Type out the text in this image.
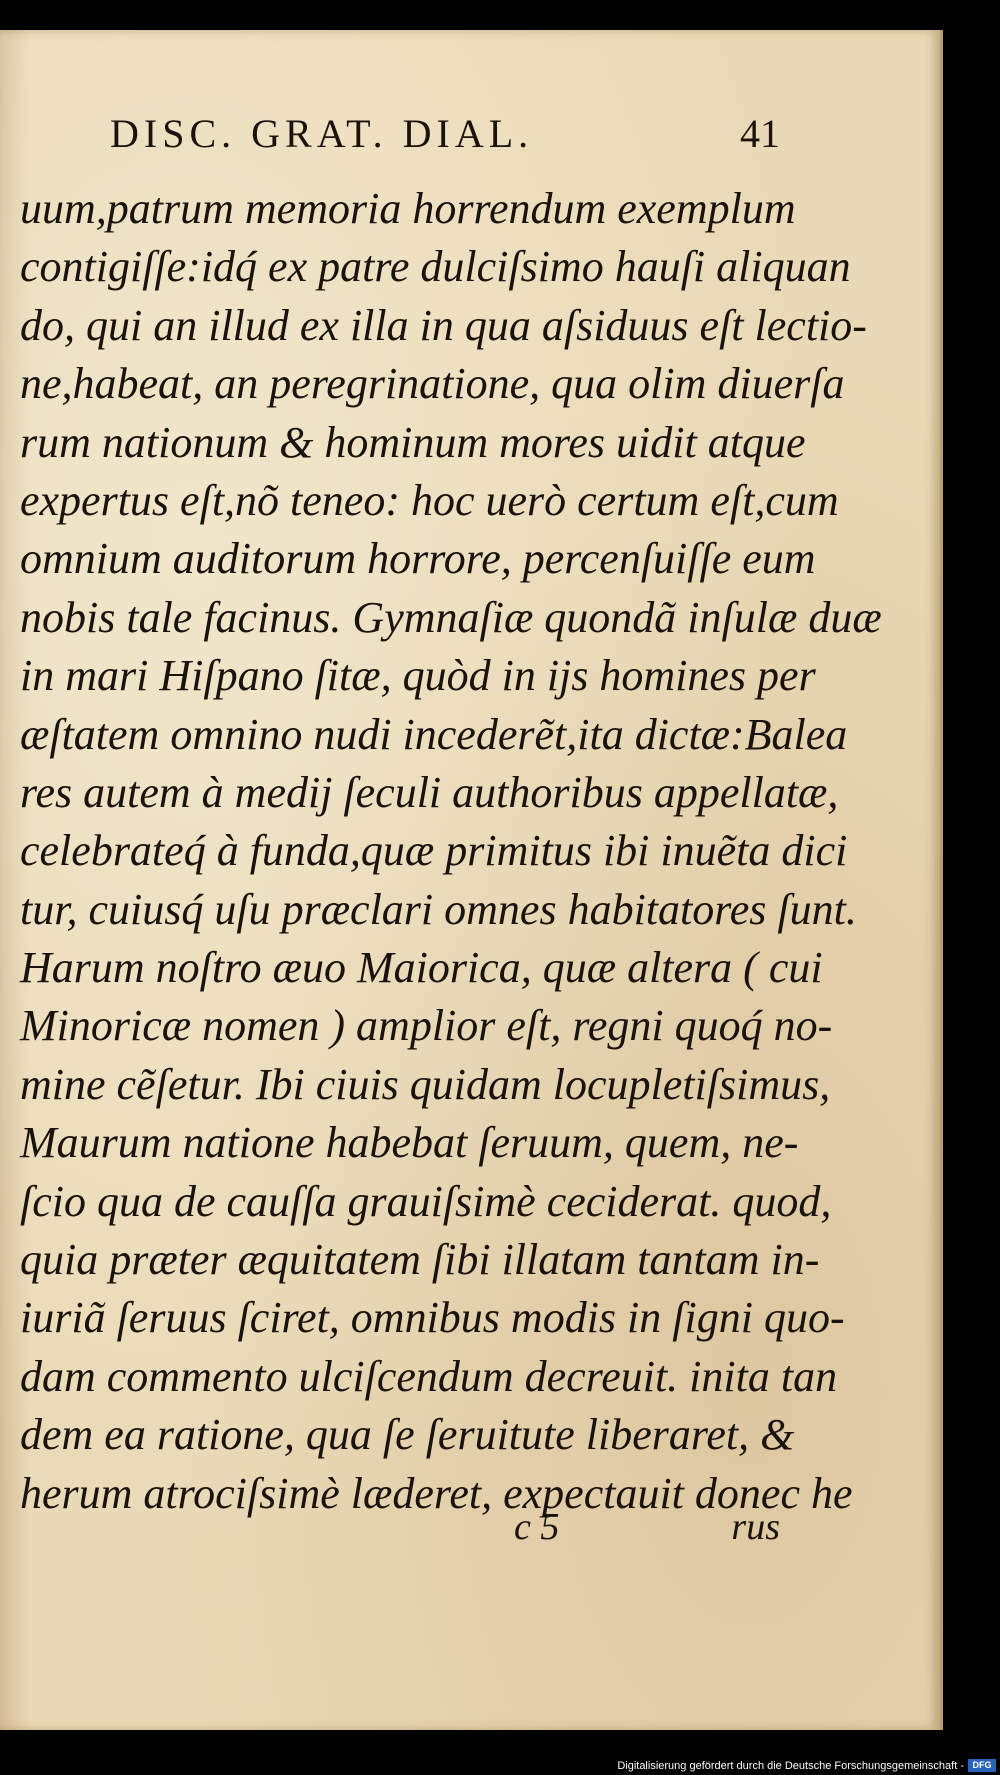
DISC. GRAT. DIAL.	41
uum,patrum memoria horrendum exemplum
contigiſſe:idq́ ex patre dulciſsimo hauſi aliquan
do, qui an illud ex illa in qua aſsiduus eſt lectio-
ne,habeat, an peregrinatione, qua olim diuerſa
rum nationum & hominum mores uidit atque
expertus eſt,nõ teneo: hoc uerò certum eſt,cum
omnium auditorum horrore, percenſuiſſe eum
nobis tale facinus. Gymnaſiæ quondã inſulæ duæ
in mari Hiſpano ſitæ, quòd in ijs homines per
æſtatem omnino nudi incederẽt,ita dictæ:Balea
res autem à medij ſeculi authoribus appellatæ,
celebrateq́ à funda,quæ primitus ibi inuẽta dici
tur, cuiusq́ uſu præclari omnes habitatores ſunt.
Harum noſtro æuo Maiorica, quæ altera ( cui
Minoricæ nomen ) amplior eſt, regni quoq́ no-
mine cẽſetur. Ibi ciuis quidam locupletiſsimus,
Maurum natione habebat ſeruum, quem, ne-
ſcio qua de cauſſa grauiſsimè ceciderat. quod,
quia præter æquitatem ſibi illatam tantam in-
iuriã ſeruus ſciret, omnibus modis in ſigni quo-
dam commento ulciſcendum decreuit. inita tan
dem ea ratione, qua ſe ſeruitute liberaret, &
herum atrociſsimè læderet, expectauit donec he
c 5	rus
Digitalisierung gefördert durch die Deutsche Forschungsgemeinschaft - DFG
